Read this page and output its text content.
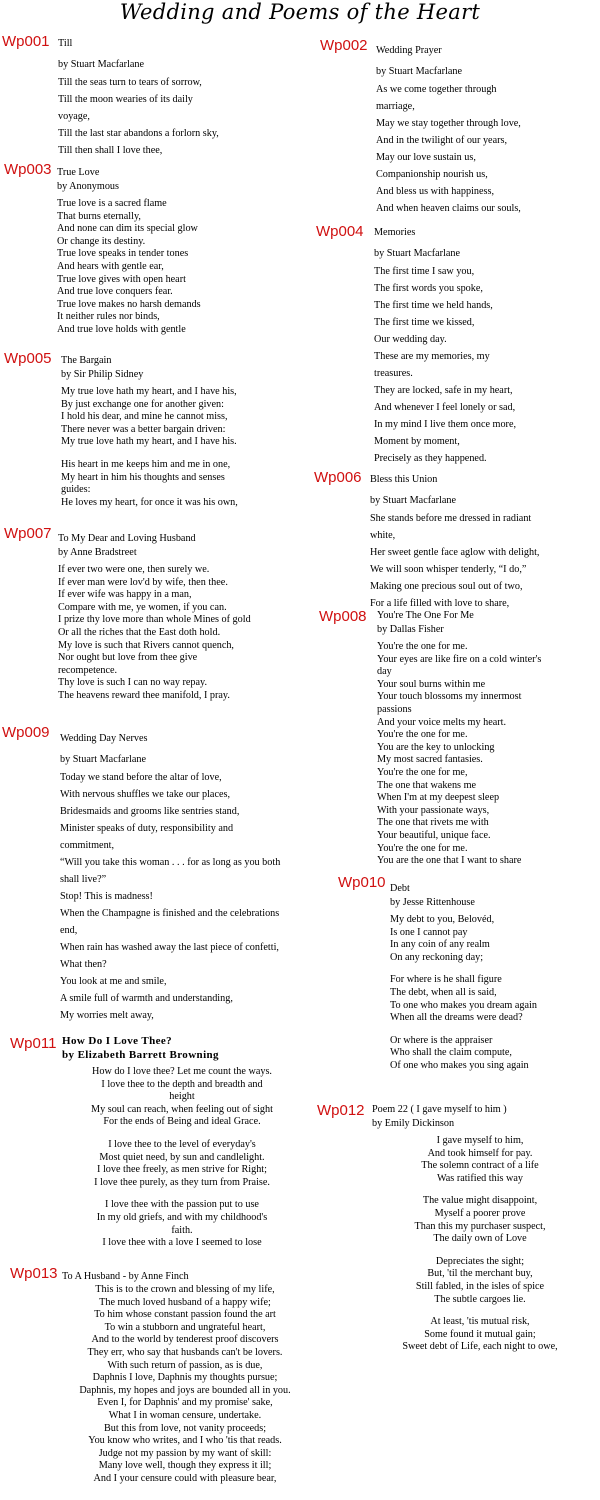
Wedding and Poems of the Heart
Wp001 Till
by Stuart Macfarlane
Till the seas turn to tears of sorrow,
Till the moon wearies of its daily
voyage,
Till the last star abandons a forlorn sky,
Till then shall I love thee,
Wp002 Wedding Prayer
by Stuart Macfarlane
As we come together through
marriage,
May we stay together through love,
And in the twilight of our years,
May our love sustain us,
Companionship nourish us,
And bless us with happiness,
And when heaven claims our souls,
Wp003 True Love
by Anonymous
True love is a sacred flame
That burns eternally,
And none can dim its special glow
Or change its destiny.
True love speaks in tender tones
And hears with gentle ear,
True love gives with open heart
And true love conquers fear.
True love makes no harsh demands
It neither rules nor binds,
And true love holds with gentle
Wp004 Memories
by Stuart Macfarlane
The first time I saw you,
The first words you spoke,
The first time we held hands,
The first time we kissed,
Our wedding day.
These are my memories, my
treasures.
They are locked, safe in my heart,
And whenever I feel lonely or sad,
In my mind I live them once more,
Moment by moment,
Precisely as they happened.
Wp005 The Bargain
by Sir Philip Sidney
My true love hath my heart, and I have his,
By just exchange one for another given:
I hold his dear, and mine he cannot miss,
There never was a better bargain driven:
My true love hath my heart, and I have his.
His heart in me keeps him and me in one,
My heart in him his thoughts and senses
guides:
He loves my heart, for once it was his own,
Wp006 Bless this Union
by Stuart Macfarlane
She stands before me dressed in radiant
white,
Her sweet gentle face aglow with delight,
We will soon whisper tenderly, “I do,”
Making one precious soul out of two,
For a life filled with love to share,
Wp007 To My Dear and Loving Husband
by Anne Bradstreet
If ever two were one, then surely we.
If ever man were lov'd by wife, then thee.
If ever wife was happy in a man,
Compare with me, ye women, if you can.
I prize thy love more than whole Mines of gold
Or all the riches that the East doth hold.
My love is such that Rivers cannot quench,
Nor ought but love from thee give
recompetence.
Thy love is such I can no way repay.
The heavens reward thee manifold, I pray.
Wp008 You're The One For Me
by Dallas Fisher
You're the one for me.
Your eyes are like fire on a cold winter's
day
Your soul burns within me
Your touch blossoms my innermost
passions
And your voice melts my heart.
You're the one for me.
You are the key to unlocking
My most sacred fantasies.
You're the one for me,
The one that wakens me
When I'm at my deepest sleep
With your passionate ways,
The one that rivets me with
Your beautiful, unique face.
You're the one for me.
You are the one that I want to share
Wp009 Wedding Day Nerves
by Stuart Macfarlane
Today we stand before the altar of love,
With nervous shuffles we take our places,
Bridesmaids and grooms like sentries stand,
Minister speaks of duty, responsibility and
commitment,
“Will you take this woman . . . for as long as you both
shall live?”
Stop! This is madness!
When the Champagne is finished and the celebrations
end,
When rain has washed away the last piece of confetti,
What then?
You look at me and smile,
A smile full of warmth and understanding,
My worries melt away,
Wp010 Debt
by Jesse Rittenhouse
My debt to you, Belovéd,
Is one I cannot pay
In any coin of any realm
On any reckoning day;
For where is he shall figure
The debt, when all is said,
To one who makes you dream again
When all the dreams were dead?
Or where is the appraiser
Who shall the claim compute,
Of one who makes you sing again
Wp011 How Do I Love Thee?
by Elizabeth Barrett Browning
How do I love thee? Let me count the ways.
I love thee to the depth and breadth and
height
My soul can reach, when feeling out of sight
For the ends of Being and ideal Grace.
I love thee to the level of everyday's
Most quiet need, by sun and candlelight.
I love thee freely, as men strive for Right;
I love thee purely, as they turn from Praise.
I love thee with the passion put to use
In my old griefs, and with my childhood's
faith.
I love thee with a love I seemed to lose
Wp012 Poem 22 ( I gave myself to him )
by Emily Dickinson
I gave myself to him,
And took himself for pay.
The solemn contract of a life
Was ratified this way
The value might disappoint,
Myself a poorer prove
Than this my purchaser suspect,
The daily own of Love
Depreciates the sight;
But, 'til the merchant buy,
Still fabled, in the isles of spice
The subtle cargoes lie.
At least, 'tis mutual risk,
Some found it mutual gain;
Sweet debt of Life, each night to owe,
Wp013 To A Husband - by Anne Finch
This is to the crown and blessing of my life,
The much loved husband of a happy wife;
To him whose constant passion found the art
To win a stubborn and ungrateful heart,
And to the world by tenderest proof discovers
They err, who say that husbands can't be lovers.
With such return of passion, as is due,
Daphnis I love, Daphnis my thoughts pursue;
Daphnis, my hopes and joys are bounded all in you.
Even I, for Daphnis' and my promise' sake,
What I in woman censure, undertake.
But this from love, not vanity proceeds;
You know who writes, and I who 'tis that reads.
Judge not my passion by my want of skill:
Many love well, though they express it ill;
And I your censure could with pleasure bear,
